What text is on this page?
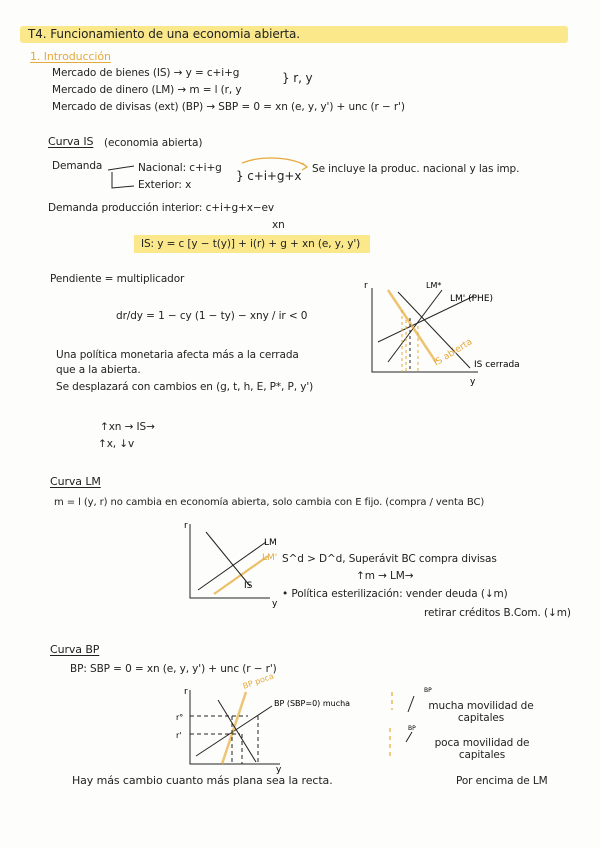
T4. Funcionamiento de una economia abierta.
1. Introducción
Mercado de bienes (IS) → y = c+i+g	} r, y
Mercado de dinero (LM) → m = l (r, y
Mercado de divisas (ext) (BP) → SBP = 0 = xn (e, y, y') + unc (r − r')
Curva IS (economia abierta)
Demanda	Nacional: c+i+g
Exterior: x
} c+i+g+x Se incluye la produc. nacional y las imp.
Demanda producción interior: c+i+g+x−ev
xn
IS: y = c [y − t(y)] + i(r) + g + xn (e, y, y')
Pendiente = multiplicador
dr/dy = 1 − cy (1 − ty) − xny / ir < 0
Una política monetaria afecta más a la cerrada
que a la abierta.
Se desplazará con cambios en (g, t, h, E, P*, P, y')
↑xn → IS→
↑x, ↓v
r
y
LM*
LM' (PHE)
IS abierta IS cerrada
Curva LM
m = l (y, r) no cambia en economía abierta, solo cambia con E fijo. (compra / venta BC)
r
y
LM
LM'
IS
S^d > D^d, Superávit BC compra divisas
↑m → LM→
• Política esterilización: vender deuda (↓m)
retirar créditos B.Com. (↓m)
Curva BP
BP: SBP = 0 = xn (e, y, y') + unc (r − r')
r
y
r°
r'
BP poca
BP (SBP=0) mucha
BP
BP
mucha movilidad de capitales
poca movilidad de capitales
Por encima de LM
Hay más cambio cuanto más plana sea la recta.
